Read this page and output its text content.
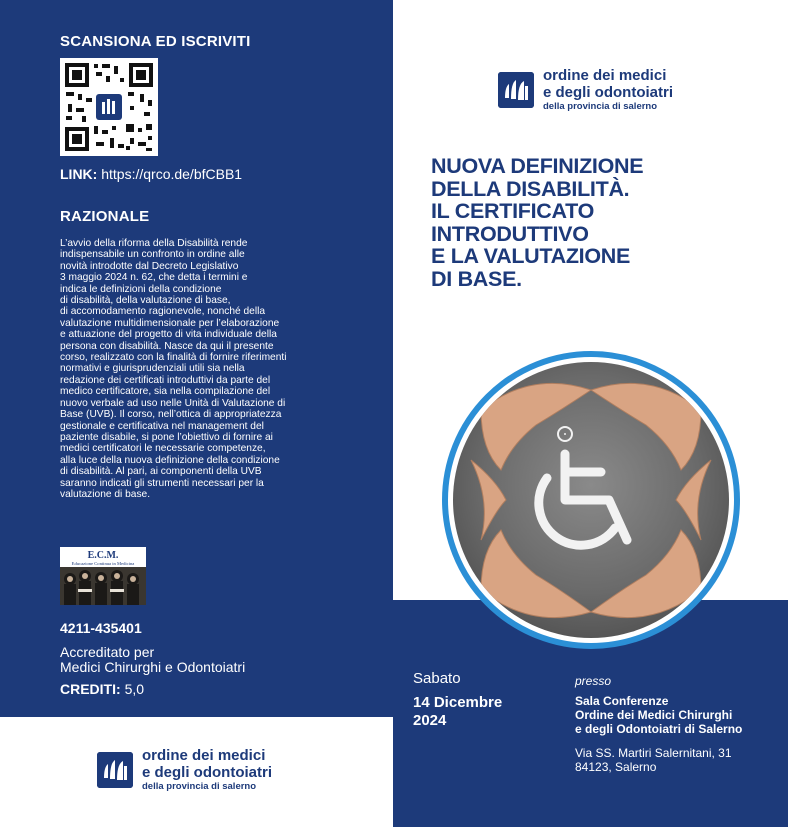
SCANSIONA ED ISCRIVITI
LINK: https://qrco.de/bfCBB1
RAZIONALE
L’avvio della riforma della Disabilità rende
indispensabile un confronto in ordine alle
novità introdotte dal Decreto Legislativo
3 maggio 2024 n. 62, che detta i termini e
indica le definizioni della condizione
di disabilità, della valutazione di base,
di accomodamento ragionevole, nonché della
valutazione multidimensionale per l’elaborazione
e attuazione del progetto di vita individuale della
persona con disabilità. Nasce da qui il presente
corso, realizzato con la finalità di fornire riferimenti
normativi e giurisprudenziali utili sia nella
redazione dei certificati introduttivi da parte del
medico certificatore, sia nella compilazione del
nuovo verbale ad uso nelle Unità di Valutazione di
Base (UVB). Il corso, nell’ottica di appropriatezza
gestionale e certificativa nel management del
paziente disabile, si pone l’obiettivo di fornire ai
medici certificatori le necessarie competenze,
alla luce della nuova definizione della condizione
di disabilità. Al pari, ai componenti della UVB
saranno indicati gli strumenti necessari per la
valutazione di base.
E.C.M.
Educazione Continua in Medicina
4211-435401
Accreditato per
Medici Chirurghi e Odontoiatri
CREDITI: 5,0
ordine dei medici
e degli odontoiatri
della provincia di salerno
ordine dei medici
e degli odontoiatri
della provincia di salerno
NUOVA DEFINIZIONE
DELLA DISABILITÀ.
IL CERTIFICATO
INTRODUTTIVO
E LA VALUTAZIONE
DI BASE.
Sabato
14 Dicembre
2024
presso
Sala Conferenze
Ordine dei Medici Chirurghi
e degli Odontoiatri di Salerno
Via SS. Martiri Salernitani, 31
84123, Salerno
